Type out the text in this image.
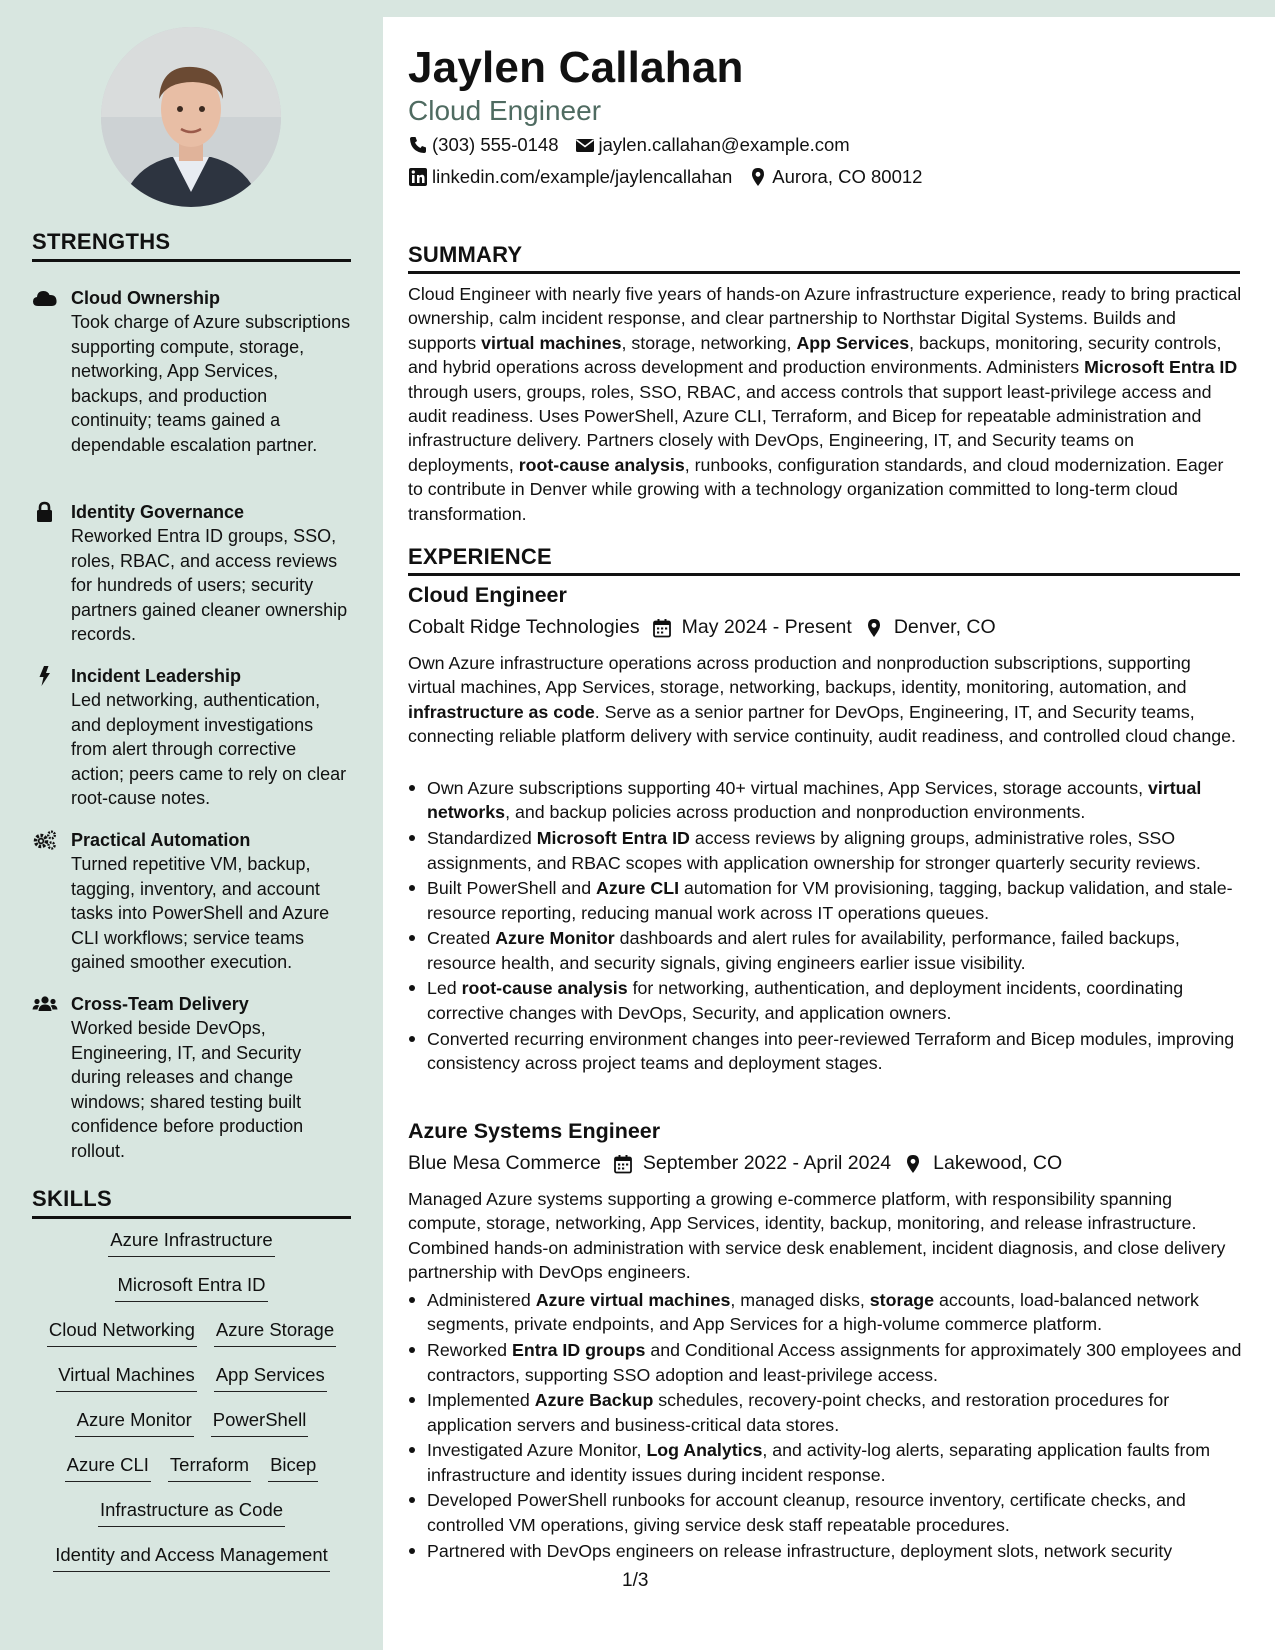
STRENGTHS
Cloud Ownership
Took charge of Azure subscriptions supporting compute, storage, networking, App Services, backups, and production continuity; teams gained a dependable escalation partner.
Identity Governance
Reworked Entra ID groups, SSO, roles, RBAC, and access reviews for hundreds of users; security partners gained cleaner ownership records.
Incident Leadership
Led networking, authentication, and deployment investigations from alert through corrective action; peers came to rely on clear root-cause notes.
Practical Automation
Turned repetitive VM, backup, tagging, inventory, and account tasks into PowerShell and Azure CLI workflows; service teams gained smoother execution.
Cross-Team Delivery
Worked beside DevOps, Engineering, IT, and Security during releases and change windows; shared testing built confidence before production rollout.
SKILLS
Azure Infrastructure
Microsoft Entra ID
Cloud Networking Azure Storage
Virtual Machines App Services
Azure Monitor PowerShell
Azure CLI Terraform Bicep
Infrastructure as Code
Identity and Access Management
Jaylen Callahan
Cloud Engineer
(303) 555-0148 jaylen.callahan@example.com
linkedin.com/example/jaylencallahan Aurora, CO 80012
SUMMARY
Cloud Engineer with nearly five years of hands-on Azure infrastructure experience, ready to bring practical ownership, calm incident response, and clear partnership to Northstar Digital Systems. Builds and supports virtual machines, storage, networking, App Services, backups, monitoring, security controls, and hybrid operations across development and production environments. Administers Microsoft Entra ID through users, groups, roles, SSO, RBAC, and access controls that support least-privilege access and audit readiness. Uses PowerShell, Azure CLI, Terraform, and Bicep for repeatable administration and infrastructure delivery. Partners closely with DevOps, Engineering, IT, and Security teams on deployments, root-cause analysis, runbooks, configuration standards, and cloud modernization. Eager to contribute in Denver while growing with a technology organization committed to long-term cloud transformation.
EXPERIENCE
Cloud Engineer
Cobalt Ridge Technologies May 2024 - Present Denver, CO
Own Azure infrastructure operations across production and nonproduction subscriptions, supporting virtual machines, App Services, storage, networking, backups, identity, monitoring, automation, and infrastructure as code. Serve as a senior partner for DevOps, Engineering, IT, and Security teams, connecting reliable platform delivery with service continuity, audit readiness, and controlled cloud change.
Own Azure subscriptions supporting 40+ virtual machines, App Services, storage accounts, virtual networks, and backup policies across production and nonproduction environments.
Standardized Microsoft Entra ID access reviews by aligning groups, administrative roles, SSO assignments, and RBAC scopes with application ownership for stronger quarterly security reviews.
Built PowerShell and Azure CLI automation for VM provisioning, tagging, backup validation, and stale-resource reporting, reducing manual work across IT operations queues.
Created Azure Monitor dashboards and alert rules for availability, performance, failed backups, resource health, and security signals, giving engineers earlier issue visibility.
Led root-cause analysis for networking, authentication, and deployment incidents, coordinating corrective changes with DevOps, Security, and application owners.
Converted recurring environment changes into peer-reviewed Terraform and Bicep modules, improving consistency across project teams and deployment stages.
Azure Systems Engineer
Blue Mesa Commerce September 2022 - April 2024 Lakewood, CO
Managed Azure systems supporting a growing e-commerce platform, with responsibility spanning compute, storage, networking, App Services, identity, backup, monitoring, and release infrastructure. Combined hands-on administration with service desk enablement, incident diagnosis, and close delivery partnership with DevOps engineers.
Administered Azure virtual machines, managed disks, storage accounts, load-balanced network segments, private endpoints, and App Services for a high-volume commerce platform.
Reworked Entra ID groups and Conditional Access assignments for approximately 300 employees and contractors, supporting SSO adoption and least-privilege access.
Implemented Azure Backup schedules, recovery-point checks, and restoration procedures for application servers and business-critical data stores.
Investigated Azure Monitor, Log Analytics, and activity-log alerts, separating application faults from infrastructure and identity issues during incident response.
Developed PowerShell runbooks for account cleanup, resource inventory, certificate checks, and controlled VM operations, giving service desk staff repeatable procedures.
Partnered with DevOps engineers on release infrastructure, deployment slots, network security
1/3
